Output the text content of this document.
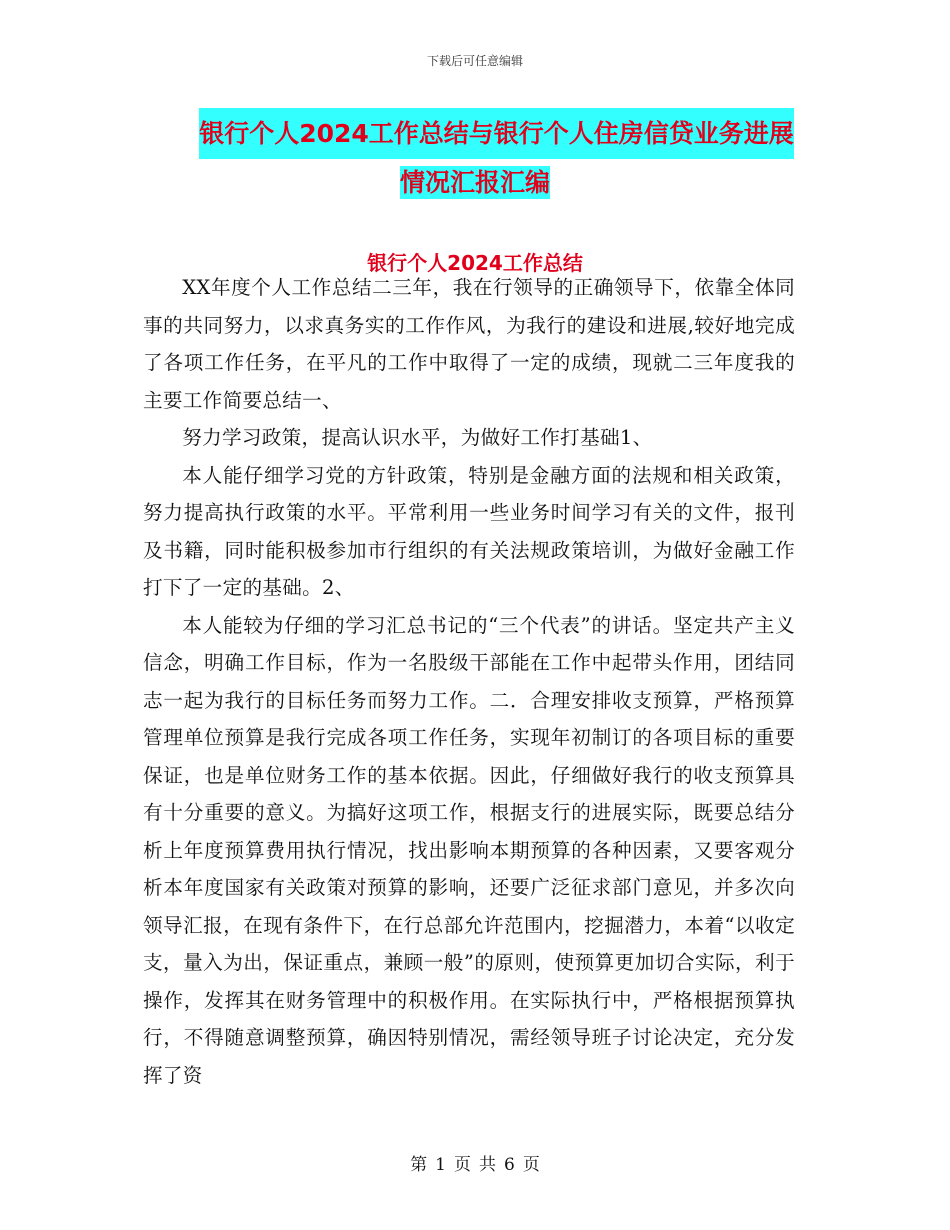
下载后可任意编辑
银行个人2024工作总结与银行个人住房信贷业务进展
情况汇报汇编
银行个人2024工作总结

XX年度个人工作总结二三年，我在行领导的正确领导下，依靠全体同事的共同努力，以求真务实的工作作风，为我行的建设和进展,较好地完成了各项工作任务，在平凡的工作中取得了一定的成绩，现就二三年度我的主要工作简要总结一、

努力学习政策，提高认识水平，为做好工作打基础1、

本人能仔细学习党的方针政策，特别是金融方面的法规和相关政策，努力提高执行政策的水平。平常利用一些业务时间学习有关的文件，报刊及书籍，同时能积极参加市行组织的有关法规政策培训，为做好金融工作打下了一定的基础。2、

本人能较为仔细的学习汇总书记的“三个代表”的讲话。坚定共产主义信念，明确工作目标，作为一名股级干部能在工作中起带头作用，团结同志一起为我行的目标任务而努力工作。二．合理安排收支预算，严格预算管理单位预算是我行完成各项工作任务，实现年初制订的各项目标的重要保证，也是单位财务工作的基本依据。因此，仔细做好我行的收支预算具有十分重要的意义。为搞好这项工作，根据支行的进展实际，既要总结分析上年度预算费用执行情况，找出影响本期预算的各种因素，又要客观分析本年度国家有关政策对预算的影响，还要广泛征求部门意见，并多次向领导汇报，在现有条件下，在行总部允许范围内，挖掘潜力，本着“以收定支，量入为出，保证重点，兼顾一般”的原则，使预算更加切合实际，利于操作，发挥其在财务管理中的积极作用。在实际执行中，严格根据预算执行，不得随意调整预算，确因特别情况，需经领导班子讨论决定，充分发挥了资

第 1 页 共 6 页
